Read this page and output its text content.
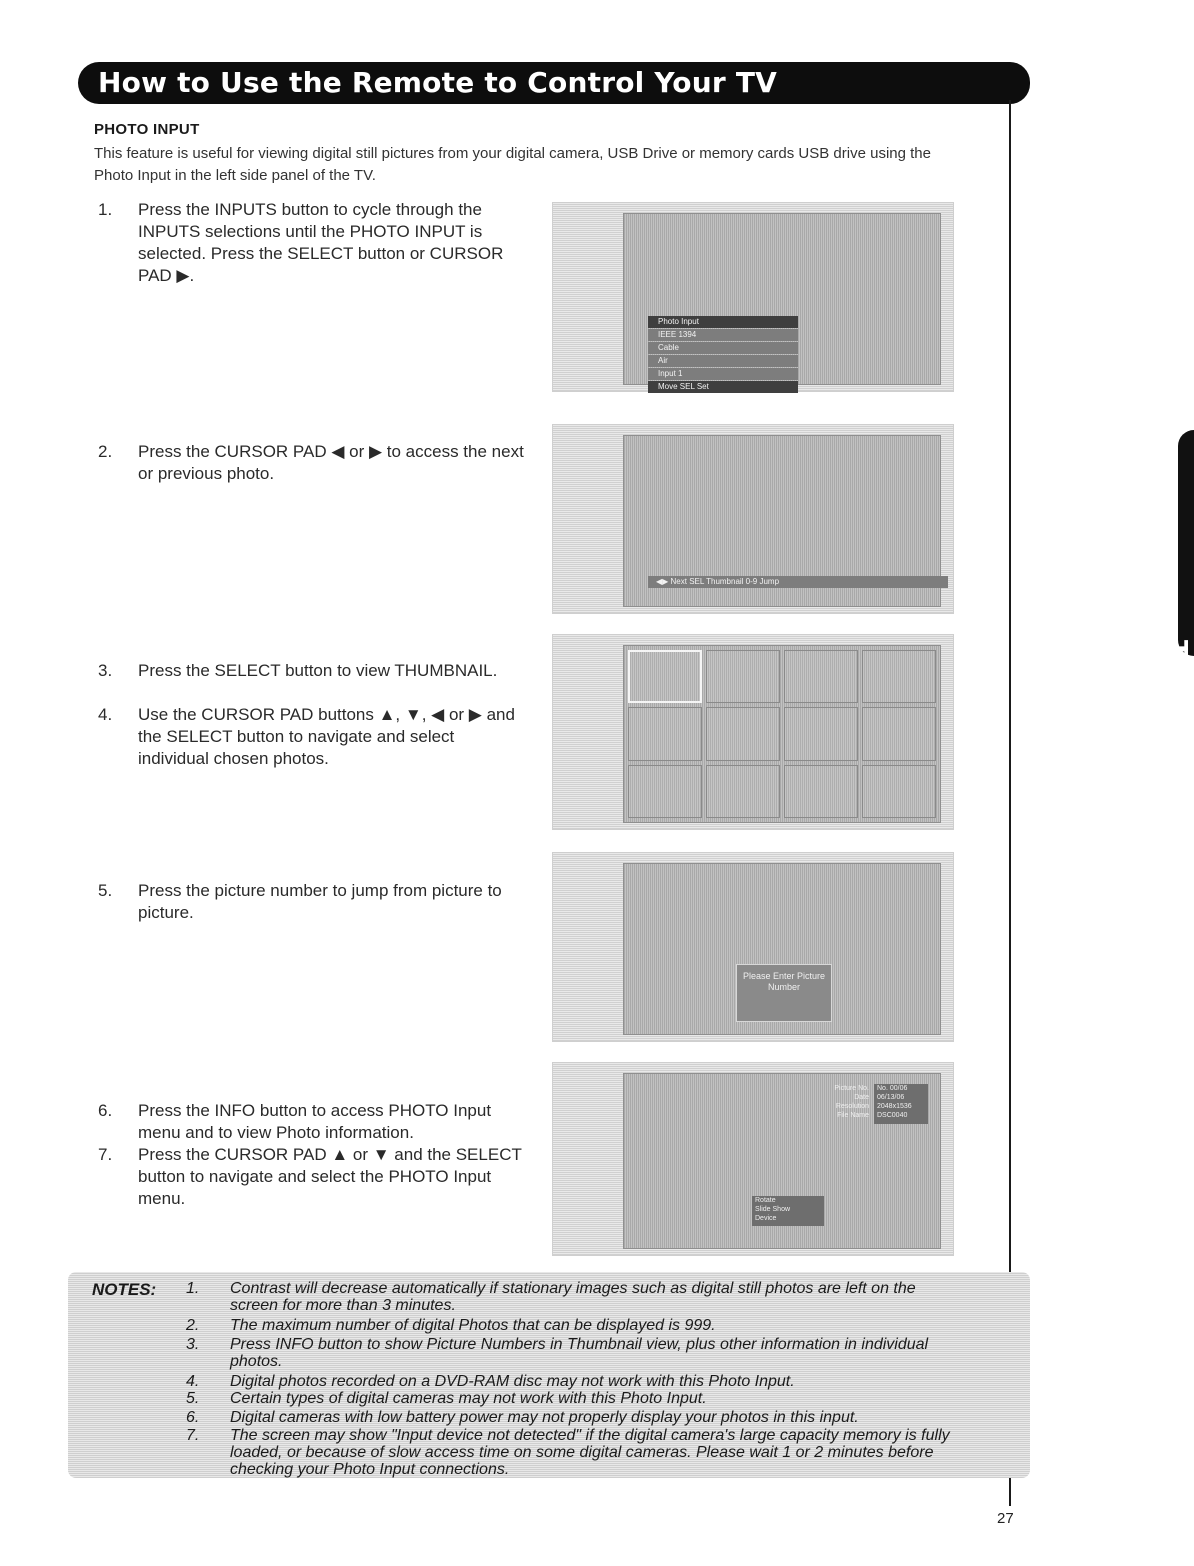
How to Use the Remote to Control Your TV
The Remote Control
PHOTO INPUT
This feature is useful for viewing digital still pictures from your digital camera, USB Drive or memory cards USB drive using the Photo Input in the left side panel of the TV.
1. Press the INPUTS button to cycle through the INPUTS selections until the PHOTO INPUT is selected. Press the SELECT button or CURSOR PAD ▶.
2. Press the CURSOR PAD ◀ or ▶ to access the next or previous photo.
3. Press the SELECT button to view THUMBNAIL.
4. Use the CURSOR PAD buttons ▲, ▼, ◀ or ▶ and the SELECT button to navigate and select individual chosen photos.
5. Press the picture number to jump from picture to picture.
6. Press the INFO button to access PHOTO Input menu and to view Photo information.
7. Press the CURSOR PAD ▲ or ▼ and the SELECT button to navigate and select the PHOTO Input menu.
Photo Input
IEEE 1394
Cable
Air
Input 1
Move SEL Set
◀▶ Next SEL Thumbnail 0-9 Jump
Please Enter Picture Number
Picture No.
Date
Resolution
File Name
No. 00/06
06/13/06
2048x1536
DSC0040
Rotate
Slide Show
Device
NOTES: 1. Contrast will decrease automatically if stationary images such as digital still photos are left on the screen for more than 3 minutes.
2. The maximum number of digital Photos that can be displayed is 999.
3. Press INFO button to show Picture Numbers in Thumbnail view, plus other information in individual photos.
4. Digital photos recorded on a DVD-RAM disc may not work with this Photo Input.
5. Certain types of digital cameras may not work with this Photo Input.
6. Digital cameras with low battery power may not properly display your photos in this input.
7. The screen may show "Input device not detected" if the digital camera's large capacity memory is fully loaded, or because of slow access time on some digital cameras. Please wait 1 or 2 minutes before checking your Photo Input connections.
27
